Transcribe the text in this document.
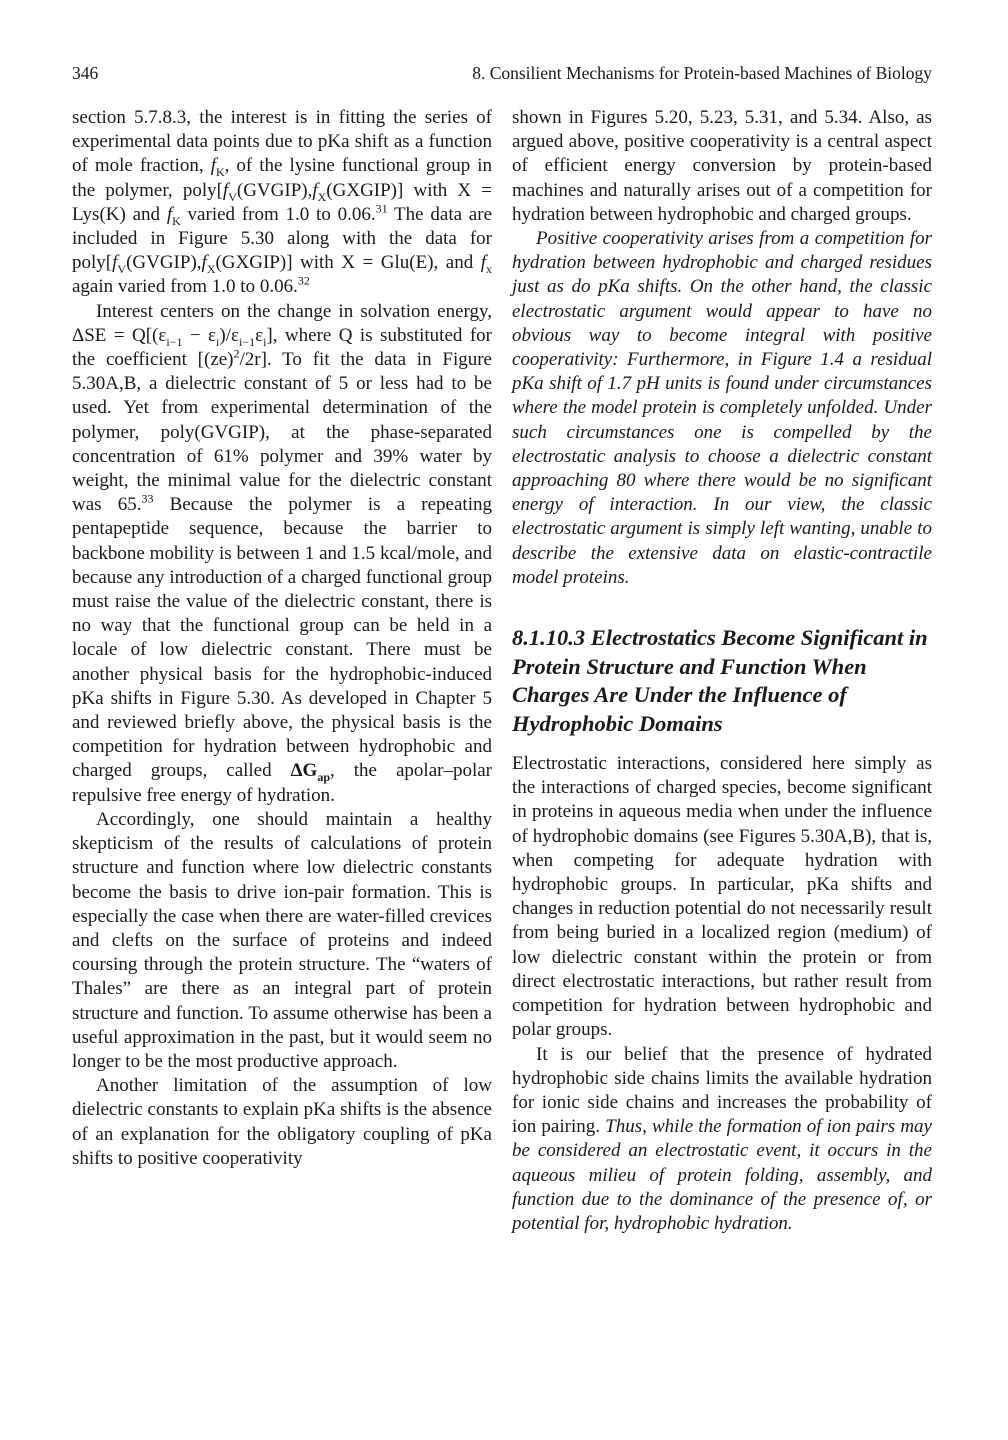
346	8. Consilient Mechanisms for Protein-based Machines of Biology

section 5.7.8.3, the interest is in fitting the series of experimental data points due to pKa shift as a function of mole fraction, $f_K$, of the lysine functional group in the polymer, $poly[f_V(GVGIP),f_X(GXGIP)]$ with X = Lys(K) and $f_K$ varied from 1.0 to 0.06.31 The data are included in Figure 5.30 along with the data for $poly[f_V(GVGIP),f_X(GXGIP)]$ with X = Glu(E), and $f_x$ again varied from 1.0 to 0.06.32

Interest centers on the change in solvation energy, $\Delta SE = Q[(\varepsilon_{i-1} - \varepsilon_i)/\varepsilon_{i-1}\varepsilon_i]$, where Q is substituted for the coefficient [(ze)$^2$/2r]. To fit the data in Figure 5.30A,B, a dielectric constant of 5 or less had to be used. Yet from experimental determination of the polymer, poly(GVGIP), at the phase-separated concentration of 61% polymer and 39% water by weight, the minimal value for the dielectric constant was 65.33 Because the polymer is a repeating pentapeptide sequence, because the barrier to backbone mobility is between 1 and 1.5 kcal/mole, and because any introduction of a charged functional group must raise the value of the dielectric constant, there is no way that the functional group can be held in a locale of low dielectric constant. There must be another physical basis for the hydrophobic-induced pKa shifts in Figure 5.30. As developed in Chapter 5 and reviewed briefly above, the physical basis is the competition for hydration between hydrophobic and charged groups, called $\Delta G_{ap}$, the apolar–polar repulsive free energy of hydration.

Accordingly, one should maintain a healthy skepticism of the results of calculations of protein structure and function where low dielectric constants become the basis to drive ion-pair formation. This is especially the case when there are water-filled crevices and clefts on the surface of proteins and indeed coursing through the protein structure. The “waters of Thales” are there as an integral part of protein structure and function. To assume otherwise has been a useful approximation in the past, but it would seem no longer to be the most productive approach.

Another limitation of the assumption of low dielectric constants to explain pKa shifts is the absence of an explanation for the obligatory coupling of pKa shifts to positive cooperativity

shown in Figures 5.20, 5.23, 5.31, and 5.34. Also, as argued above, positive cooperativity is a central aspect of efficient energy conversion by protein-based machines and naturally arises out of a competition for hydration between hydrophobic and charged groups.

Positive cooperativity arises from a competition for hydration between hydrophobic and charged residues just as do pKa shifts. On the other hand, the classic electrostatic argument would appear to have no obvious way to become integral with positive cooperativity: Furthermore, in Figure 1.4 a residual pKa shift of 1.7 pH units is found under circumstances where the model protein is completely unfolded. Under such circumstances one is compelled by the electrostatic analysis to choose a dielectric constant approaching 80 where there would be no significant energy of interaction. In our view, the classic electrostatic argument is simply left wanting, unable to describe the extensive data on elastic-contractile model proteins.

8.1.10.3 Electrostatics Become Significant in Protein Structure and Function When Charges Are Under the Influence of Hydrophobic Domains

Electrostatic interactions, considered here simply as the interactions of charged species, become significant in proteins in aqueous media when under the influence of hydrophobic domains (see Figures 5.30A,B), that is, when competing for adequate hydration with hydrophobic groups. In particular, pKa shifts and changes in reduction potential do not necessarily result from being buried in a localized region (medium) of low dielectric constant within the protein or from direct electrostatic interactions, but rather result from competition for hydration between hydrophobic and polar groups.

It is our belief that the presence of hydrated hydrophobic side chains limits the available hydration for ionic side chains and increases the probability of ion pairing. Thus, while the formation of ion pairs may be considered an electrostatic event, it occurs in the aqueous milieu of protein folding, assembly, and function due to the dominance of the presence of, or potential for, hydrophobic hydration.
